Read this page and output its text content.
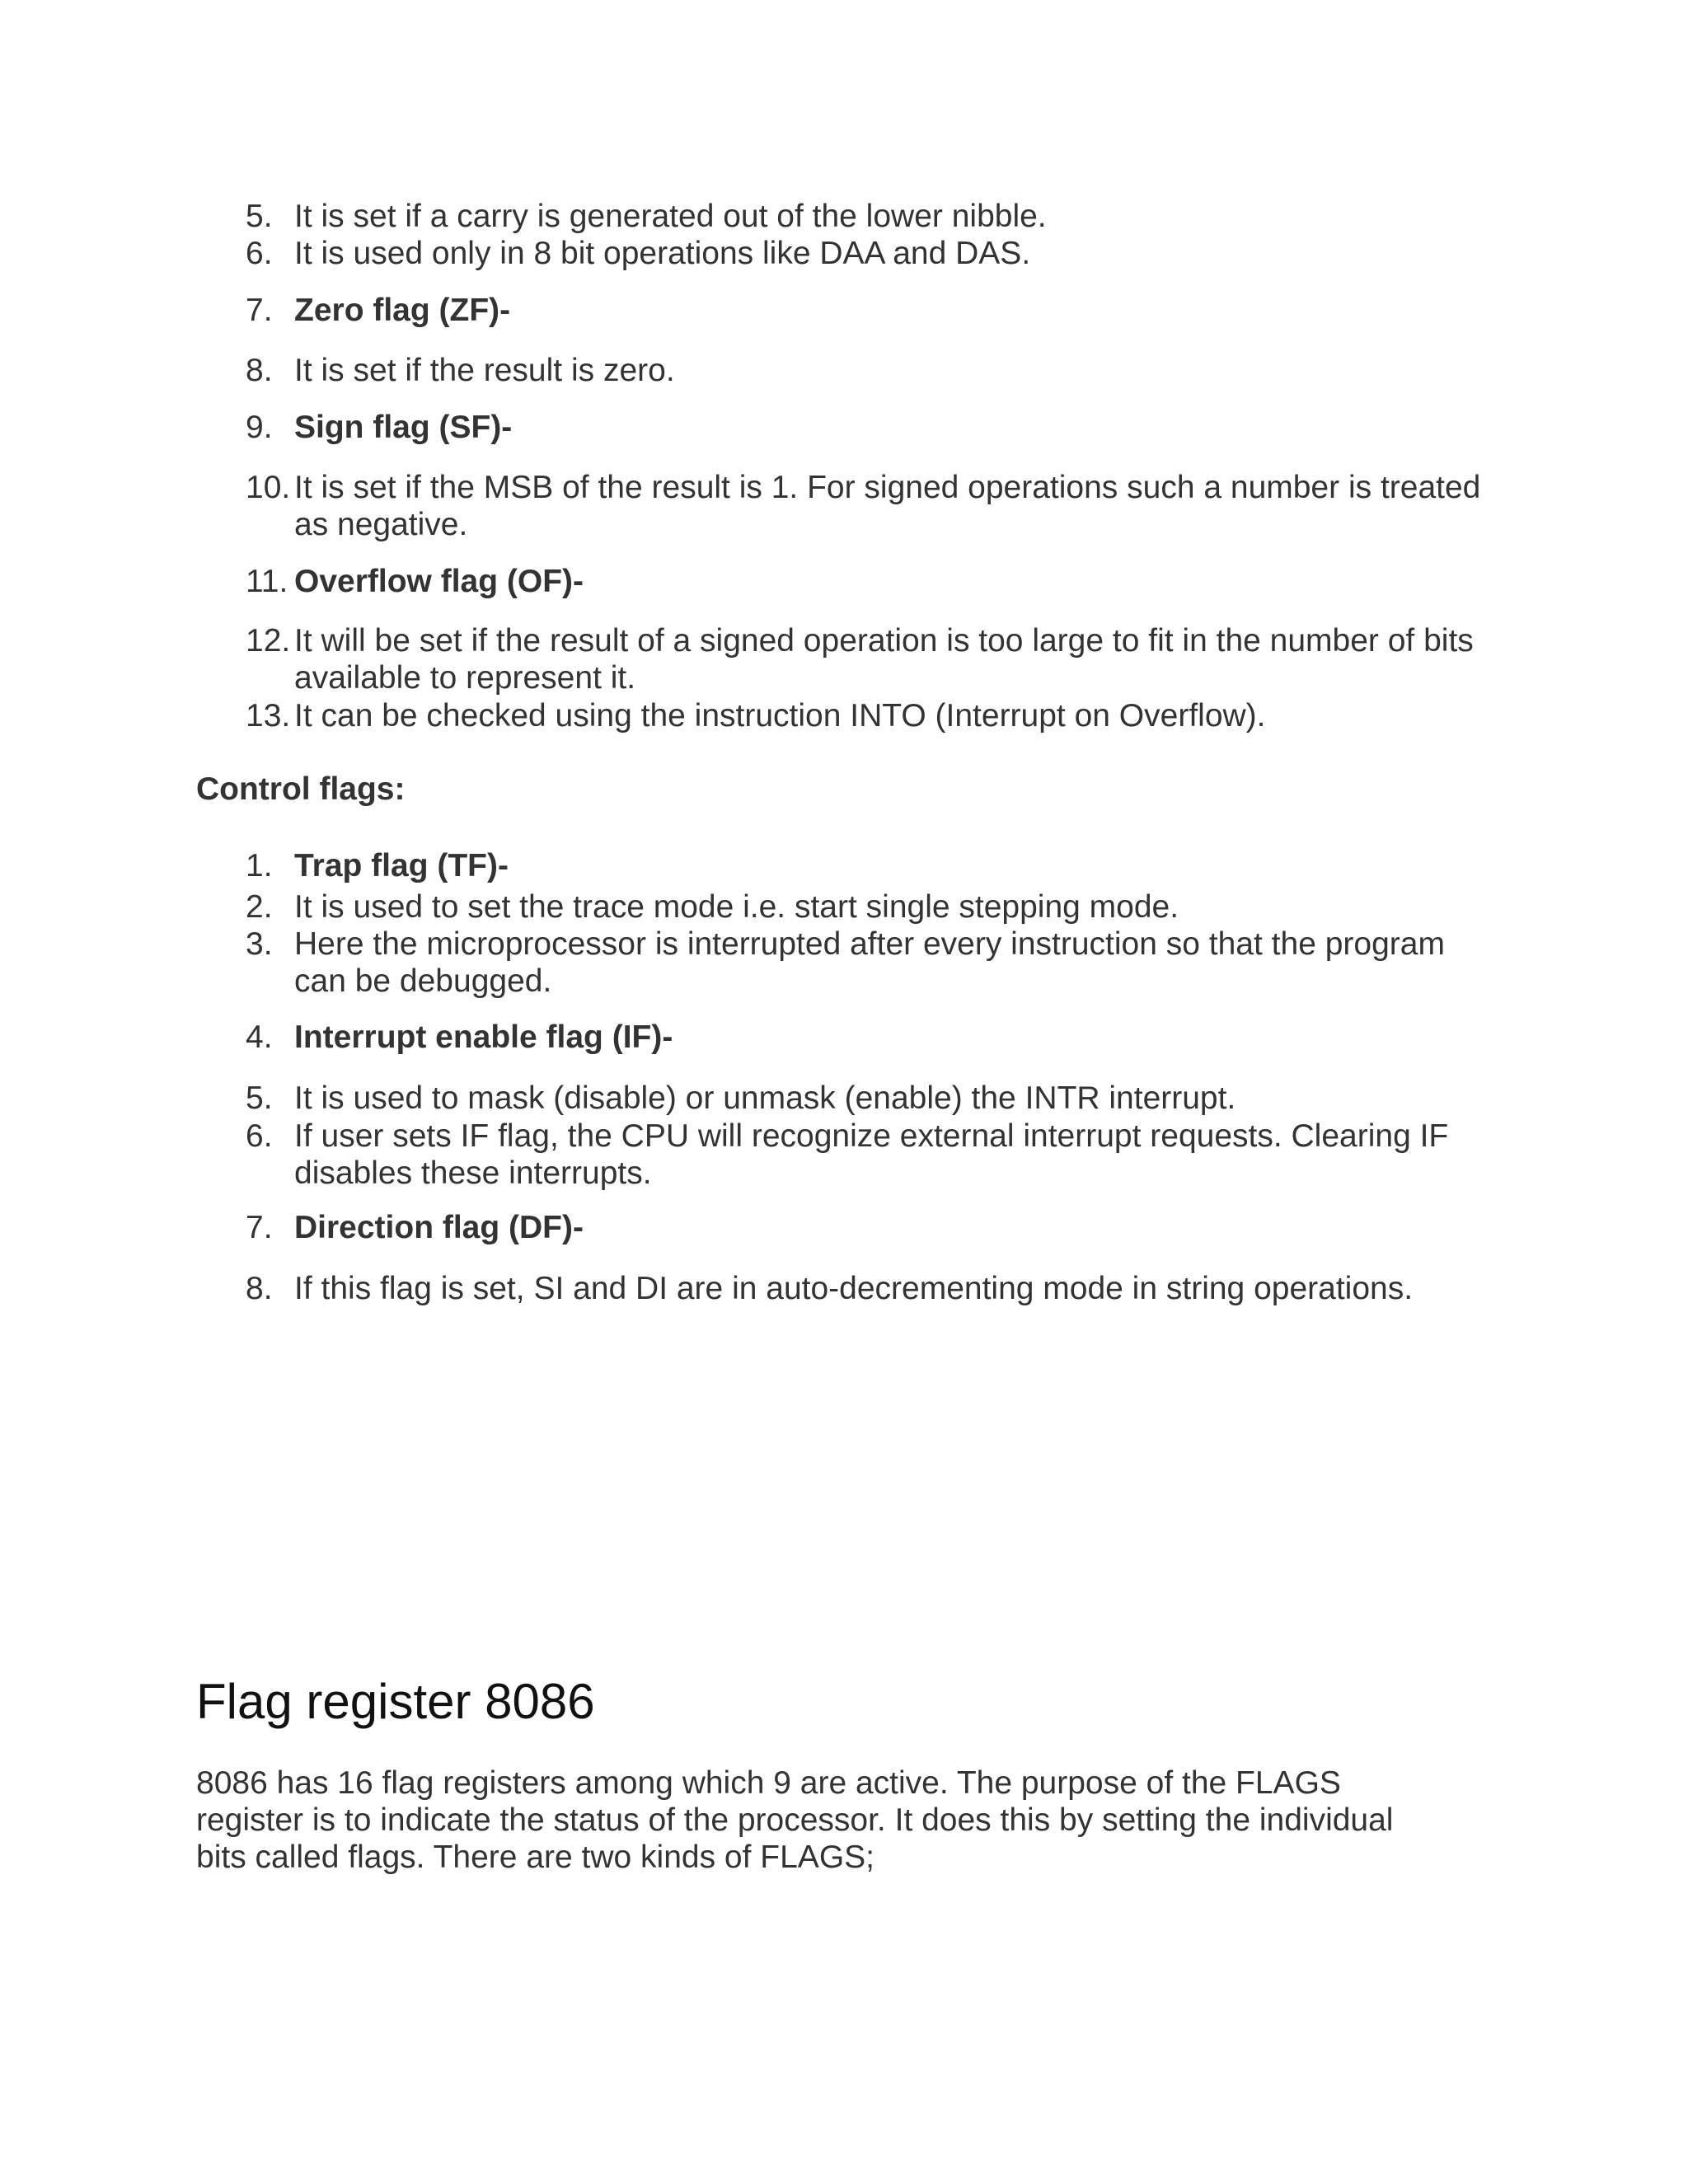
5. It is set if a carry is generated out of the lower nibble.
6. It is used only in 8 bit operations like DAA and DAS.
7. Zero flag (ZF)-
8. It is set if the result is zero.
9. Sign flag (SF)-
10. It is set if the MSB of the result is 1. For signed operations such a number is treated as negative.
11. Overflow flag (OF)-
12. It will be set if the result of a signed operation is too large to fit in the number of bits available to represent it.
13. It can be checked using the instruction INTO (Interrupt on Overflow).
Control flags:
1. Trap flag (TF)-
2. It is used to set the trace mode i.e. start single stepping mode.
3. Here the microprocessor is interrupted after every instruction so that the program can be debugged.
4. Interrupt enable flag (IF)-
5. It is used to mask (disable) or unmask (enable) the INTR interrupt.
6. If user sets IF flag, the CPU will recognize external interrupt requests. Clearing IF disables these interrupts.
7. Direction flag (DF)-
8. If this flag is set, SI and DI are in auto-decrementing mode in string operations.
Flag register 8086

8086 has 16 flag registers among which 9 are active. The purpose of the FLAGS register is to indicate the status of the processor. It does this by setting the individual bits called flags. There are two kinds of FLAGS;
